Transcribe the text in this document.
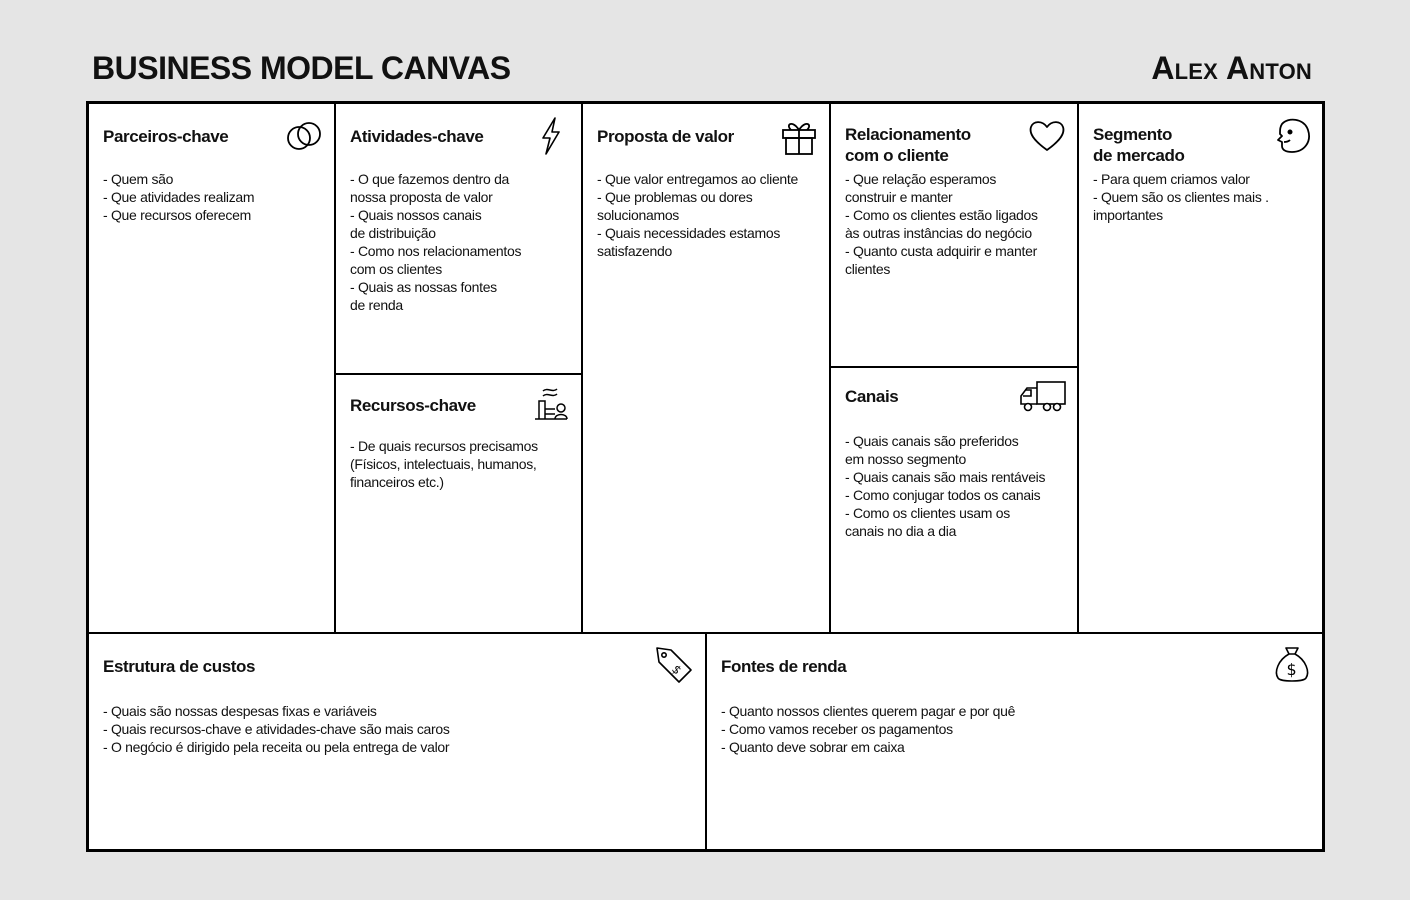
BUSINESS MODEL CANVAS	Alex Anton
Parceiros-chave
- Quem são
- Que atividades realizam
- Que recursos oferecem
Atividades-chave
- O que fazemos dentro da
nossa proposta de valor
- Quais nossos canais
de distribuição
- Como nos relacionamentos
com os clientes
- Quais as nossas fontes
de renda
Recursos-chave
- De quais recursos precisamos
(Físicos, intelectuais, humanos,
financeiros etc.)
Proposta de valor
- Que valor entregamos ao cliente
- Que problemas ou dores
solucionamos
- Quais necessidades estamos
satisfazendo
Relacionamento
com o cliente
- Que relação esperamos
construir e manter
- Como os clientes estão ligados
às outras instâncias do negócio
- Quanto custa adquirir e manter
clientes
Canais
- Quais canais são preferidos
em nosso segmento
- Quais canais são mais rentáveis
- Como conjugar todos os canais
- Como os clientes usam os
canais no dia a dia
Segmento
de mercado
- Para quem criamos valor
- Quem são os clientes mais .
importantes
Estrutura de custos	$
- Quais são nossas despesas fixas e variáveis
- Quais recursos-chave e atividades-chave são mais caros
- O negócio é dirigido pela receita ou pela entrega de valor
Fontes de renda	$
- Quanto nossos clientes querem pagar e por quê
- Como vamos receber os pagamentos
- Quanto deve sobrar em caixa
